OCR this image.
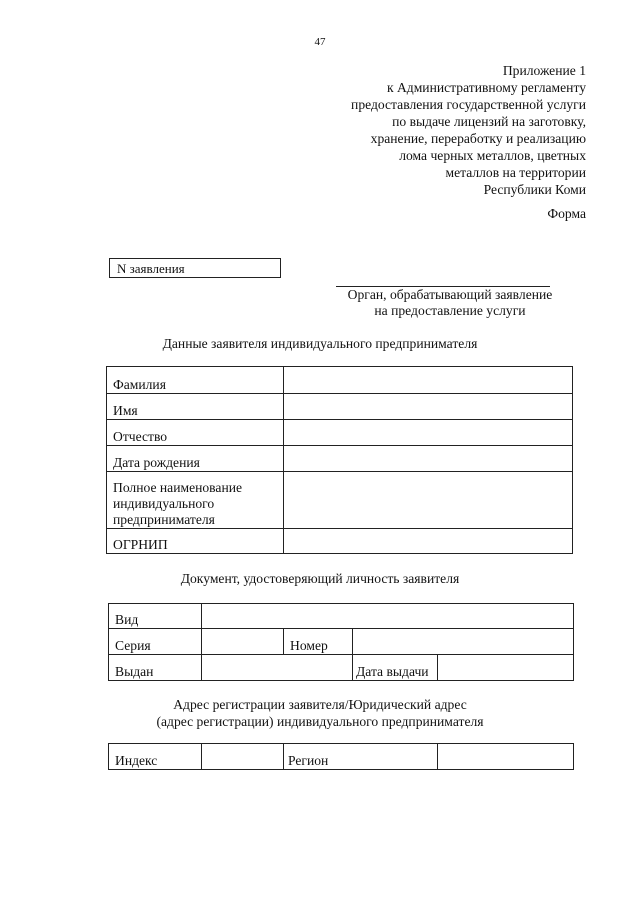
47
Приложение 1
к Административному регламенту
предоставления государственной услуги
по выдаче лицензий на заготовку,
хранение, переработку и реализацию
лома черных металлов, цветных
металлов на территории
Республики Коми
Форма
N заявления
Орган, обрабатывающий заявление
на предоставление услуги
Данные заявителя индивидуального предпринимателя
Фамилия	
Имя	
Отчество	
Дата рождения	
Полное наименование индивидуального предпринимателя	
ОГРНИП	
Документ, удостоверяющий личность заявителя
Вид				
Серия		Номер		
Выдан			Дата выдачи	
Адрес регистрации заявителя/Юридический адрес
(адрес регистрации) индивидуального предпринимателя
Индекс		Регион	
